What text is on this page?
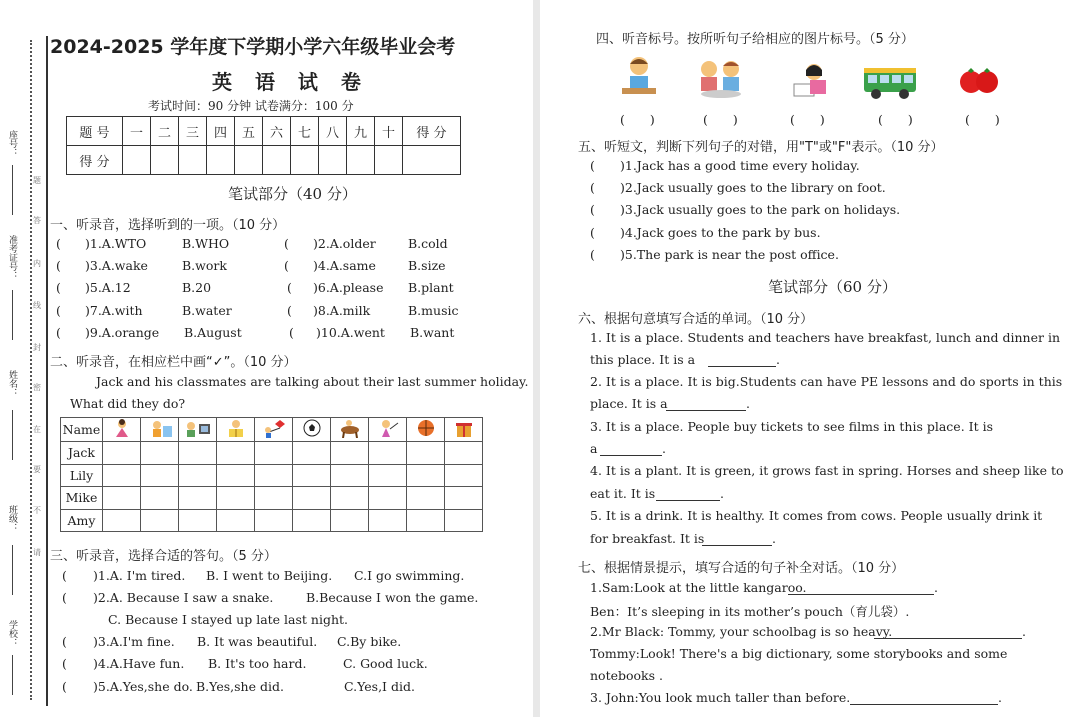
座号：
准考证号：
姓名：
班级：
学校：
题
答
内
线
封
密
在
要
不
请
2024-2025 学年度下学期小学六年级毕业会考
英 语 试 卷
考试时间：90 分钟 试卷满分：100 分
题 号	一	二	三	四	五	六	七	八	九	十	得 分
得 分											
笔试部分（40 分）
一、听录音，选择听到的一项。（10 分）
( )1.A.WTO	B.WHO	( )2.A.older	B.cold
( )3.A.wake	B.work	( )4.A.same	B.size
( )5.A.12	B.20	( )6.A.please B.plant
( )7.A.with	B.water	( )8.A.milk	B.music
( )9.A.orange B.August	( )10.A.went B.want
二、听录音，在相应栏中画“✓”。（10 分）
Jack and his classmates are talking about their last summer holiday.
What did they do?
Name										
Jack										
Lily										
Mike										
Amy										
三、听录音，选择合适的答句。（5 分）
( )1.A. I'm tired. B. I went to Beijing. C.I go swimming.
( )2.A. Because I saw a snake.	B.Because I won the game.
C. Because I stayed up late last night.
( )3.A.I'm fine. B. It was beautiful. C.By bike.
( )4.A.Have fun. B. It's too hard.	C. Good luck.
( )5.A.Yes,she do. B.Yes,she did.	C.Yes,I did.
四、听音标号。按所听句子给相应的图片标号。（5 分）
(　　)	(　　)	(　　)	(　　)	(　　)
五、听短文，判断下列句子的对错，用"T"或"F"表示。（10 分）
( )1.Jack has a good time every holiday.
( )2.Jack usually goes to the library on foot.
( )3.Jack usually goes to the park on holidays.
( )4.Jack goes to the park by bus.
( )5.The park is near the post office.
笔试部分（60 分）
六、根据句意填写合适的单词。（10 分）
1. It is a place. Students and teachers have breakfast, lunch and dinner in
this place. It is a	.
2. It is a place. It is big.Students can have PE lessons and do sports in this
place. It is a	.
3. It is a place. People buy tickets to see films in this place. It is
a	.
4. It is a plant. It is green, it grows fast in spring. Horses and sheep like to
eat it. It is	.
5. It is a drink. It is healthy. It comes from cows. People usually drink it
for breakfast. It is	.
七、根据情景提示，填写合适的句子补全对话。（10 分）
1.Sam:Look at the little kangaroo.	.
Ben：It’s sleeping in its mother’s pouch（育儿袋）.
2.Mr Black: Tommy, your schoolbag is so heavy.	.
Tommy:Look! There's a big dictionary, some storybooks and some
notebooks .
3. John:You look much taller than before.	.
